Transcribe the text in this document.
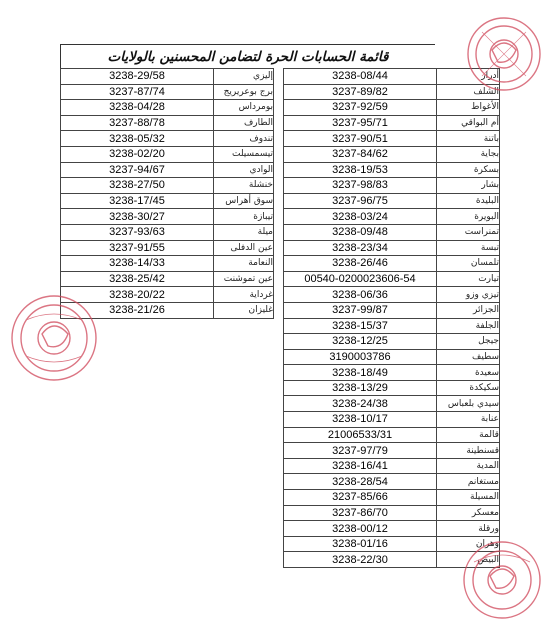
قائمة الحسابات الحرة لتضامن المحسنين بالولايات
3238-08/44	أدرار
3237-89/82	الشلف
3237-92/59	الأغواط
3237-95/71	أم البواقي
3237-90/51	باتنة
3237-84/62	بجاية
3238-19/53	بسكرة
3237-98/83	بشار
3237-96/75	البليدة
3238-03/24	البويرة
3238-09/48	تمنراست
3238-23/34	تبسة
3238-26/46	تلمسان
00540-0200023606-54	تيارت
3238-06/36	تيزي وزو
3237-99/87	الجزائر
3238-15/37	الجلفة
3238-12/25	جيجل
3190003786	سطيف
3238-18/49	سعيدة
3238-13/29	سكيكدة
3238-24/38	سيدي بلعباس
3238-10/17	عنابة
21006533/31	قالمة
3237-97/79	قسنطينة
3238-16/41	المدية
3238-28/54	مستغانم
3237-85/66	المسيلة
3237-86/70	معسكر
3238-00/12	ورقلة
3238-01/16	وهران
3238-22/30	البيض
3238-29/58	إليزي
3237-87/74	برج بوعريريج
3238-04/28	بومرداس
3237-88/78	الطارف
3238-05/32	تندوف
3238-02/20	تيسمسيلت
3237-94/67	الوادي
3238-27/50	خنشلة
3238-17/45	سوق أهراس
3238-30/27	تيبازة
3237-93/63	ميلة
3237-91/55	عين الدفلى
3238-14/33	النعامة
3238-25/42	عين تموشنت
3238-20/22	غرداية
3238-21/26	غليزان
